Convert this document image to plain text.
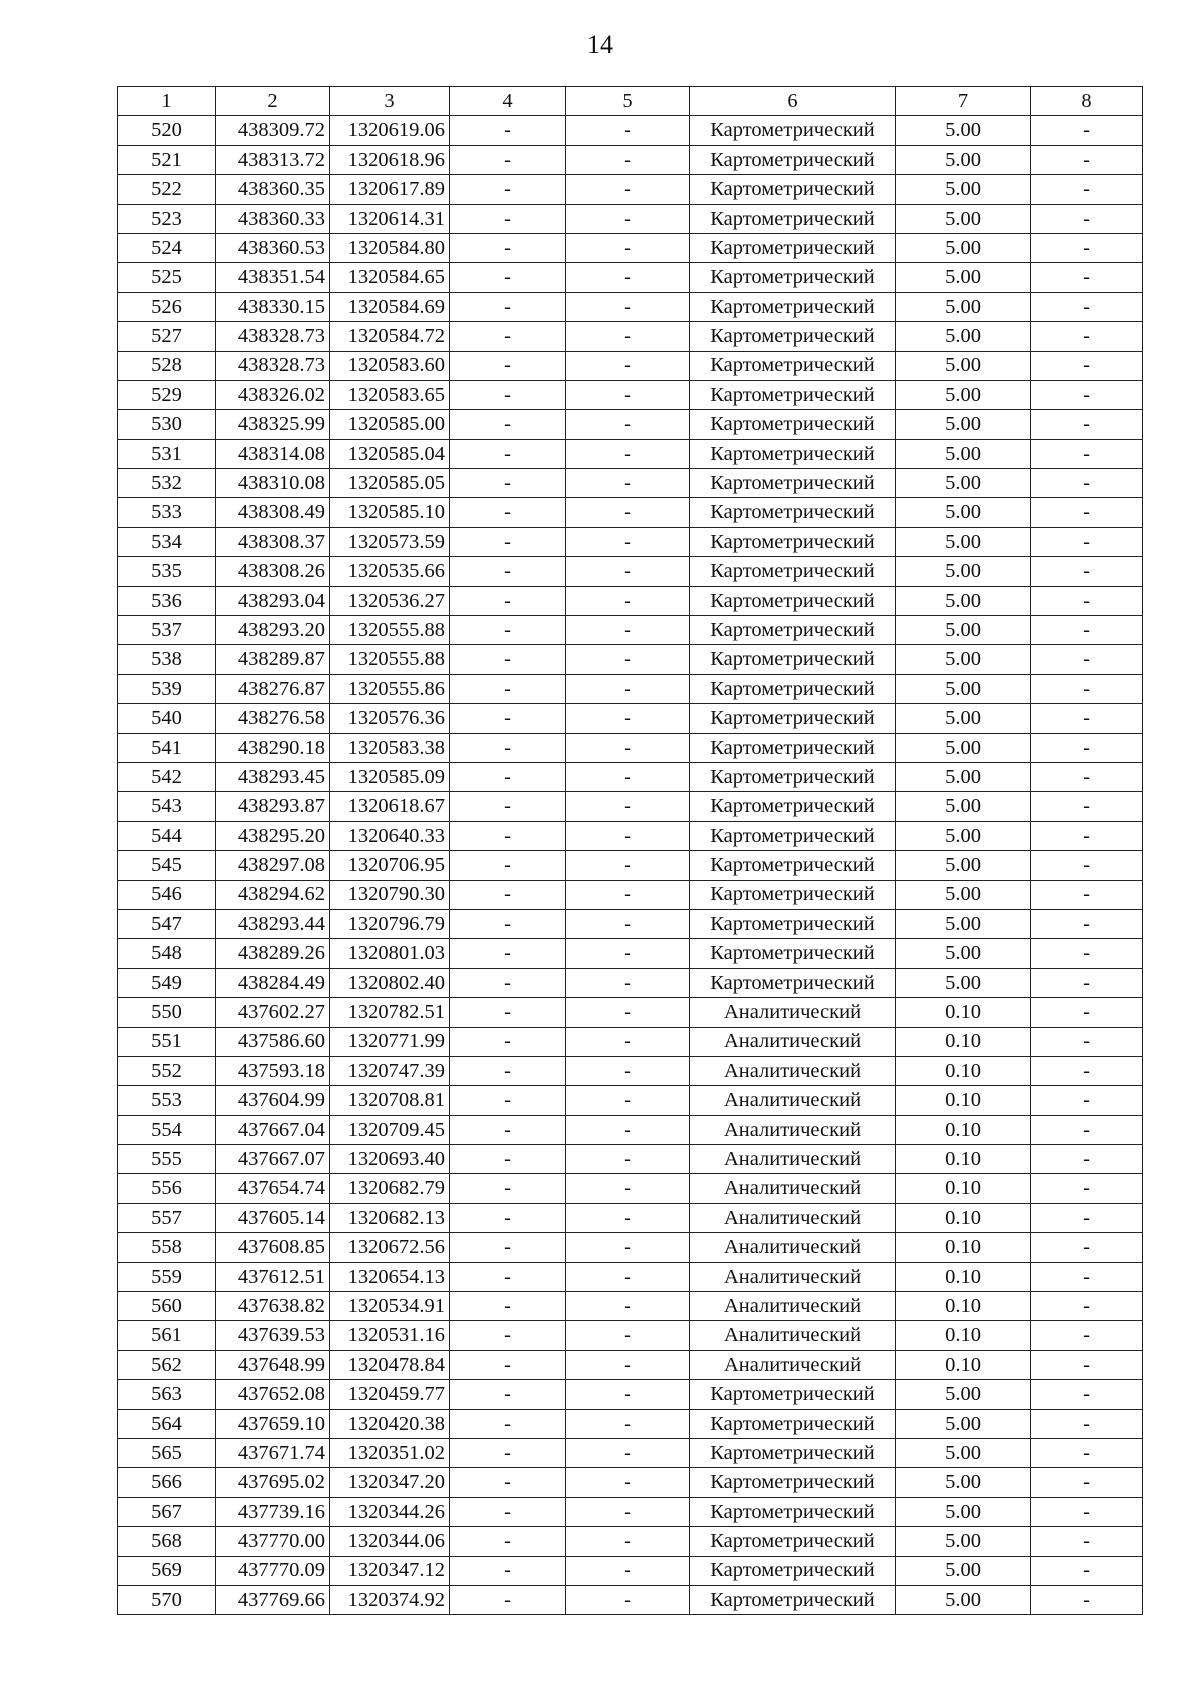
14
1	2	3	4	5	6	7	8
520	438309.72	1320619.06	-	-	Картометрический	5.00	-
521	438313.72	1320618.96	-	-	Картометрический	5.00	-
522	438360.35	1320617.89	-	-	Картометрический	5.00	-
523	438360.33	1320614.31	-	-	Картометрический	5.00	-
524	438360.53	1320584.80	-	-	Картометрический	5.00	-
525	438351.54	1320584.65	-	-	Картометрический	5.00	-
526	438330.15	1320584.69	-	-	Картометрический	5.00	-
527	438328.73	1320584.72	-	-	Картометрический	5.00	-
528	438328.73	1320583.60	-	-	Картометрический	5.00	-
529	438326.02	1320583.65	-	-	Картометрический	5.00	-
530	438325.99	1320585.00	-	-	Картометрический	5.00	-
531	438314.08	1320585.04	-	-	Картометрический	5.00	-
532	438310.08	1320585.05	-	-	Картометрический	5.00	-
533	438308.49	1320585.10	-	-	Картометрический	5.00	-
534	438308.37	1320573.59	-	-	Картометрический	5.00	-
535	438308.26	1320535.66	-	-	Картометрический	5.00	-
536	438293.04	1320536.27	-	-	Картометрический	5.00	-
537	438293.20	1320555.88	-	-	Картометрический	5.00	-
538	438289.87	1320555.88	-	-	Картометрический	5.00	-
539	438276.87	1320555.86	-	-	Картометрический	5.00	-
540	438276.58	1320576.36	-	-	Картометрический	5.00	-
541	438290.18	1320583.38	-	-	Картометрический	5.00	-
542	438293.45	1320585.09	-	-	Картометрический	5.00	-
543	438293.87	1320618.67	-	-	Картометрический	5.00	-
544	438295.20	1320640.33	-	-	Картометрический	5.00	-
545	438297.08	1320706.95	-	-	Картометрический	5.00	-
546	438294.62	1320790.30	-	-	Картометрический	5.00	-
547	438293.44	1320796.79	-	-	Картометрический	5.00	-
548	438289.26	1320801.03	-	-	Картометрический	5.00	-
549	438284.49	1320802.40	-	-	Картометрический	5.00	-
550	437602.27	1320782.51	-	-	Аналитический	0.10	-
551	437586.60	1320771.99	-	-	Аналитический	0.10	-
552	437593.18	1320747.39	-	-	Аналитический	0.10	-
553	437604.99	1320708.81	-	-	Аналитический	0.10	-
554	437667.04	1320709.45	-	-	Аналитический	0.10	-
555	437667.07	1320693.40	-	-	Аналитический	0.10	-
556	437654.74	1320682.79	-	-	Аналитический	0.10	-
557	437605.14	1320682.13	-	-	Аналитический	0.10	-
558	437608.85	1320672.56	-	-	Аналитический	0.10	-
559	437612.51	1320654.13	-	-	Аналитический	0.10	-
560	437638.82	1320534.91	-	-	Аналитический	0.10	-
561	437639.53	1320531.16	-	-	Аналитический	0.10	-
562	437648.99	1320478.84	-	-	Аналитический	0.10	-
563	437652.08	1320459.77	-	-	Картометрический	5.00	-
564	437659.10	1320420.38	-	-	Картометрический	5.00	-
565	437671.74	1320351.02	-	-	Картометрический	5.00	-
566	437695.02	1320347.20	-	-	Картометрический	5.00	-
567	437739.16	1320344.26	-	-	Картометрический	5.00	-
568	437770.00	1320344.06	-	-	Картометрический	5.00	-
569	437770.09	1320347.12	-	-	Картометрический	5.00	-
570	437769.66	1320374.92	-	-	Картометрический	5.00	-
